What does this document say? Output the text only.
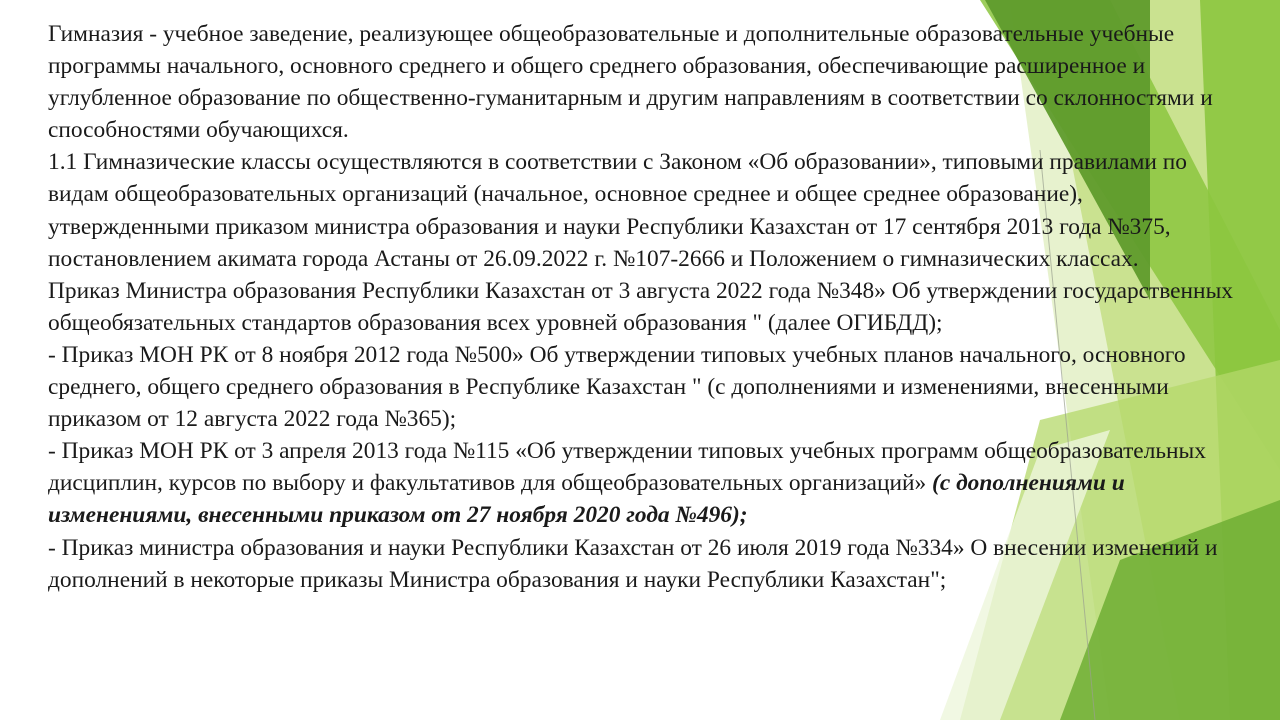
Гимназия - учебное заведение, реализующее общеобразовательные и дополнительные образовательные учебные программы начального, основного среднего и общего среднего образования, обеспечивающие расширенное и углубленное образование по общественно-гуманитарным и другим направлениям в соответствии со склонностями и способностями обучающихся.

1.1 Гимназические классы осуществляются в соответствии с Законом «Об образовании», типовыми правилами по видам общеобразовательных организаций (начальное, основное среднее и общее среднее образование), утвержденными приказом министра образования и науки Республики Казахстан от 17 сентября 2013 года №375, постановлением акимата города Астаны от 26.09.2022 г. №107-2666 и Положением о гимназических классах.

Приказ Министра образования Республики Казахстан от 3 августа 2022 года №348» Об утверждении государственных общеобязательных стандартов образования всех уровней образования " (далее ОГИБДД);

- Приказ МОН РК от 8 ноября 2012 года №500» Об утверждении типовых учебных планов начального, основного среднего, общего среднего образования в Республике Казахстан " (с дополнениями и изменениями, внесенными приказом от 12 августа 2022 года №365);

- Приказ МОН РК от 3 апреля 2013 года №115 «Об утверждении типовых учебных программ общеобразовательных дисциплин, курсов по выбору и факультативов для общеобразовательных организаций» (с дополнениями и изменениями, внесенными приказом от 27 ноября 2020 года №496);

- Приказ министра образования и науки Республики Казахстан от 26 июля 2019 года №334» О внесении изменений и дополнений в некоторые приказы Министра образования и науки Республики Казахстан";
